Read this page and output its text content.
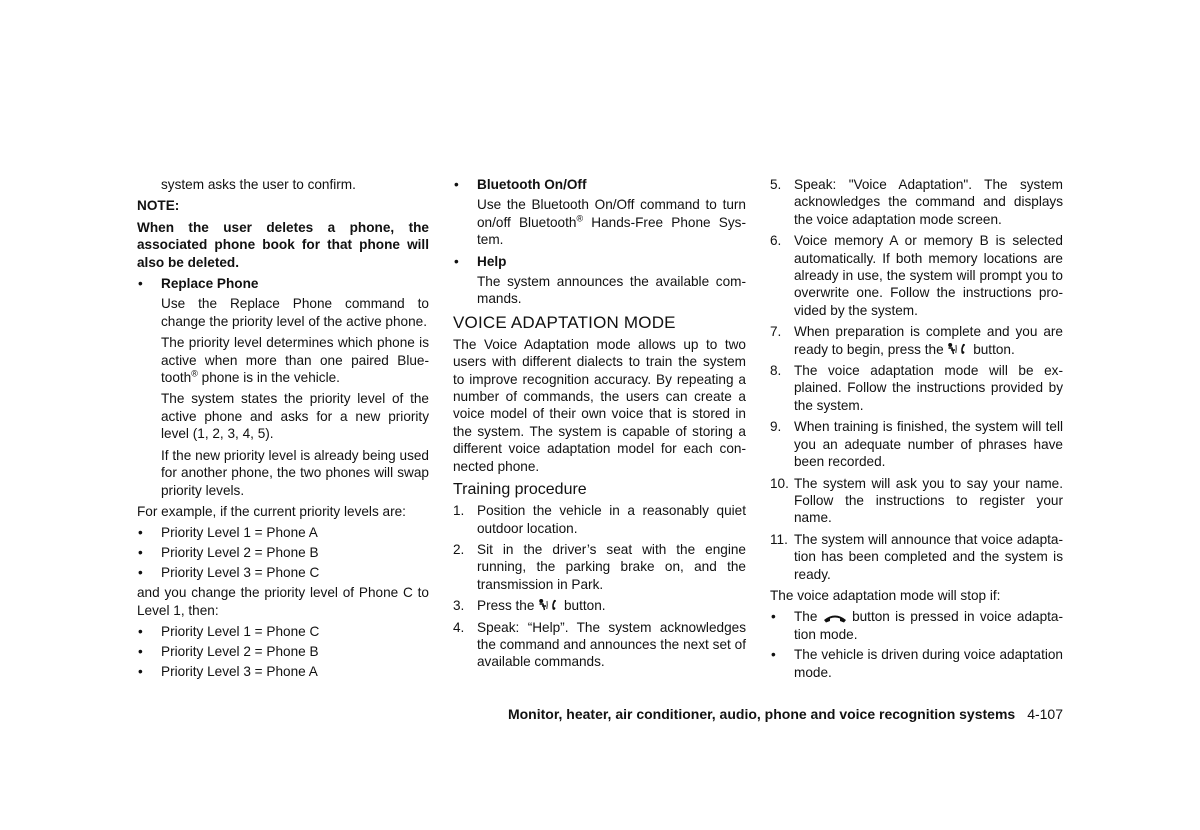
system asks the user to confirm.

NOTE:

When the user deletes a phone, the associated phone book for that phone will also be deleted.

• Replace Phone

Use the Replace Phone command to change the priority level of the active phone.

The priority level determines which phone is active when more than one paired Blue- tooth® phone is in the vehicle.

The system states the priority level of the active phone and asks for a new priority level (1, 2, 3, 4, 5).

If the new priority level is already being used for another phone, the two phones will swap priority levels.

For example, if the current priority levels are:

• Priority Level 1 = Phone A
• Priority Level 2 = Phone B
• Priority Level 3 = Phone C

and you change the priority level of Phone C to Level 1, then:

• Priority Level 1 = Phone C
• Priority Level 2 = Phone B
• Priority Level 3 = Phone A
• Bluetooth On/Off

Use the Bluetooth On/Off command to turn on/off Bluetooth® Hands-Free Phone Sys- tem.

• Help

The system announces the available com- mands.

VOICE ADAPTATION MODE

The Voice Adaptation mode allows up to two users with different dialects to train the system to improve recognition accuracy. By repeating a number of commands, the users can create a voice model of their own voice that is stored in the system. The system is capable of storing a different voice adaptation model for each con- nected phone.

Training procedure
1. Position the vehicle in a reasonably quiet outdoor location.
2. Sit in the driver’s seat with the engine running, the parking brake on, and the transmission in Park.
3. Press the button.
4. Speak: “Help”. The system acknowledges the command and announces the next set of available commands.
5. Speak: "Voice Adaptation". The system acknowledges the command and displays the voice adaptation mode screen.
6. Voice memory A or memory B is selected automatically. If both memory locations are already in use, the system will prompt you to overwrite one. Follow the instructions pro- vided by the system.
7. When preparation is complete and you are ready to begin, press the button.
8. The voice adaptation mode will be ex- plained. Follow the instructions provided by the system.
9. When training is finished, the system will tell you an adequate number of phrases have been recorded.
10. The system will ask you to say your name. Follow the instructions to register your name.
11. The system will announce that voice adapta- tion has been completed and the system is ready.

The voice adaptation mode will stop if:

• The	button is pressed in voice adapta- tion mode.
• The vehicle is driven during voice adaptation mode.
Monitor, heater, air conditioner, audio, phone and voice recognition systems 4-107
